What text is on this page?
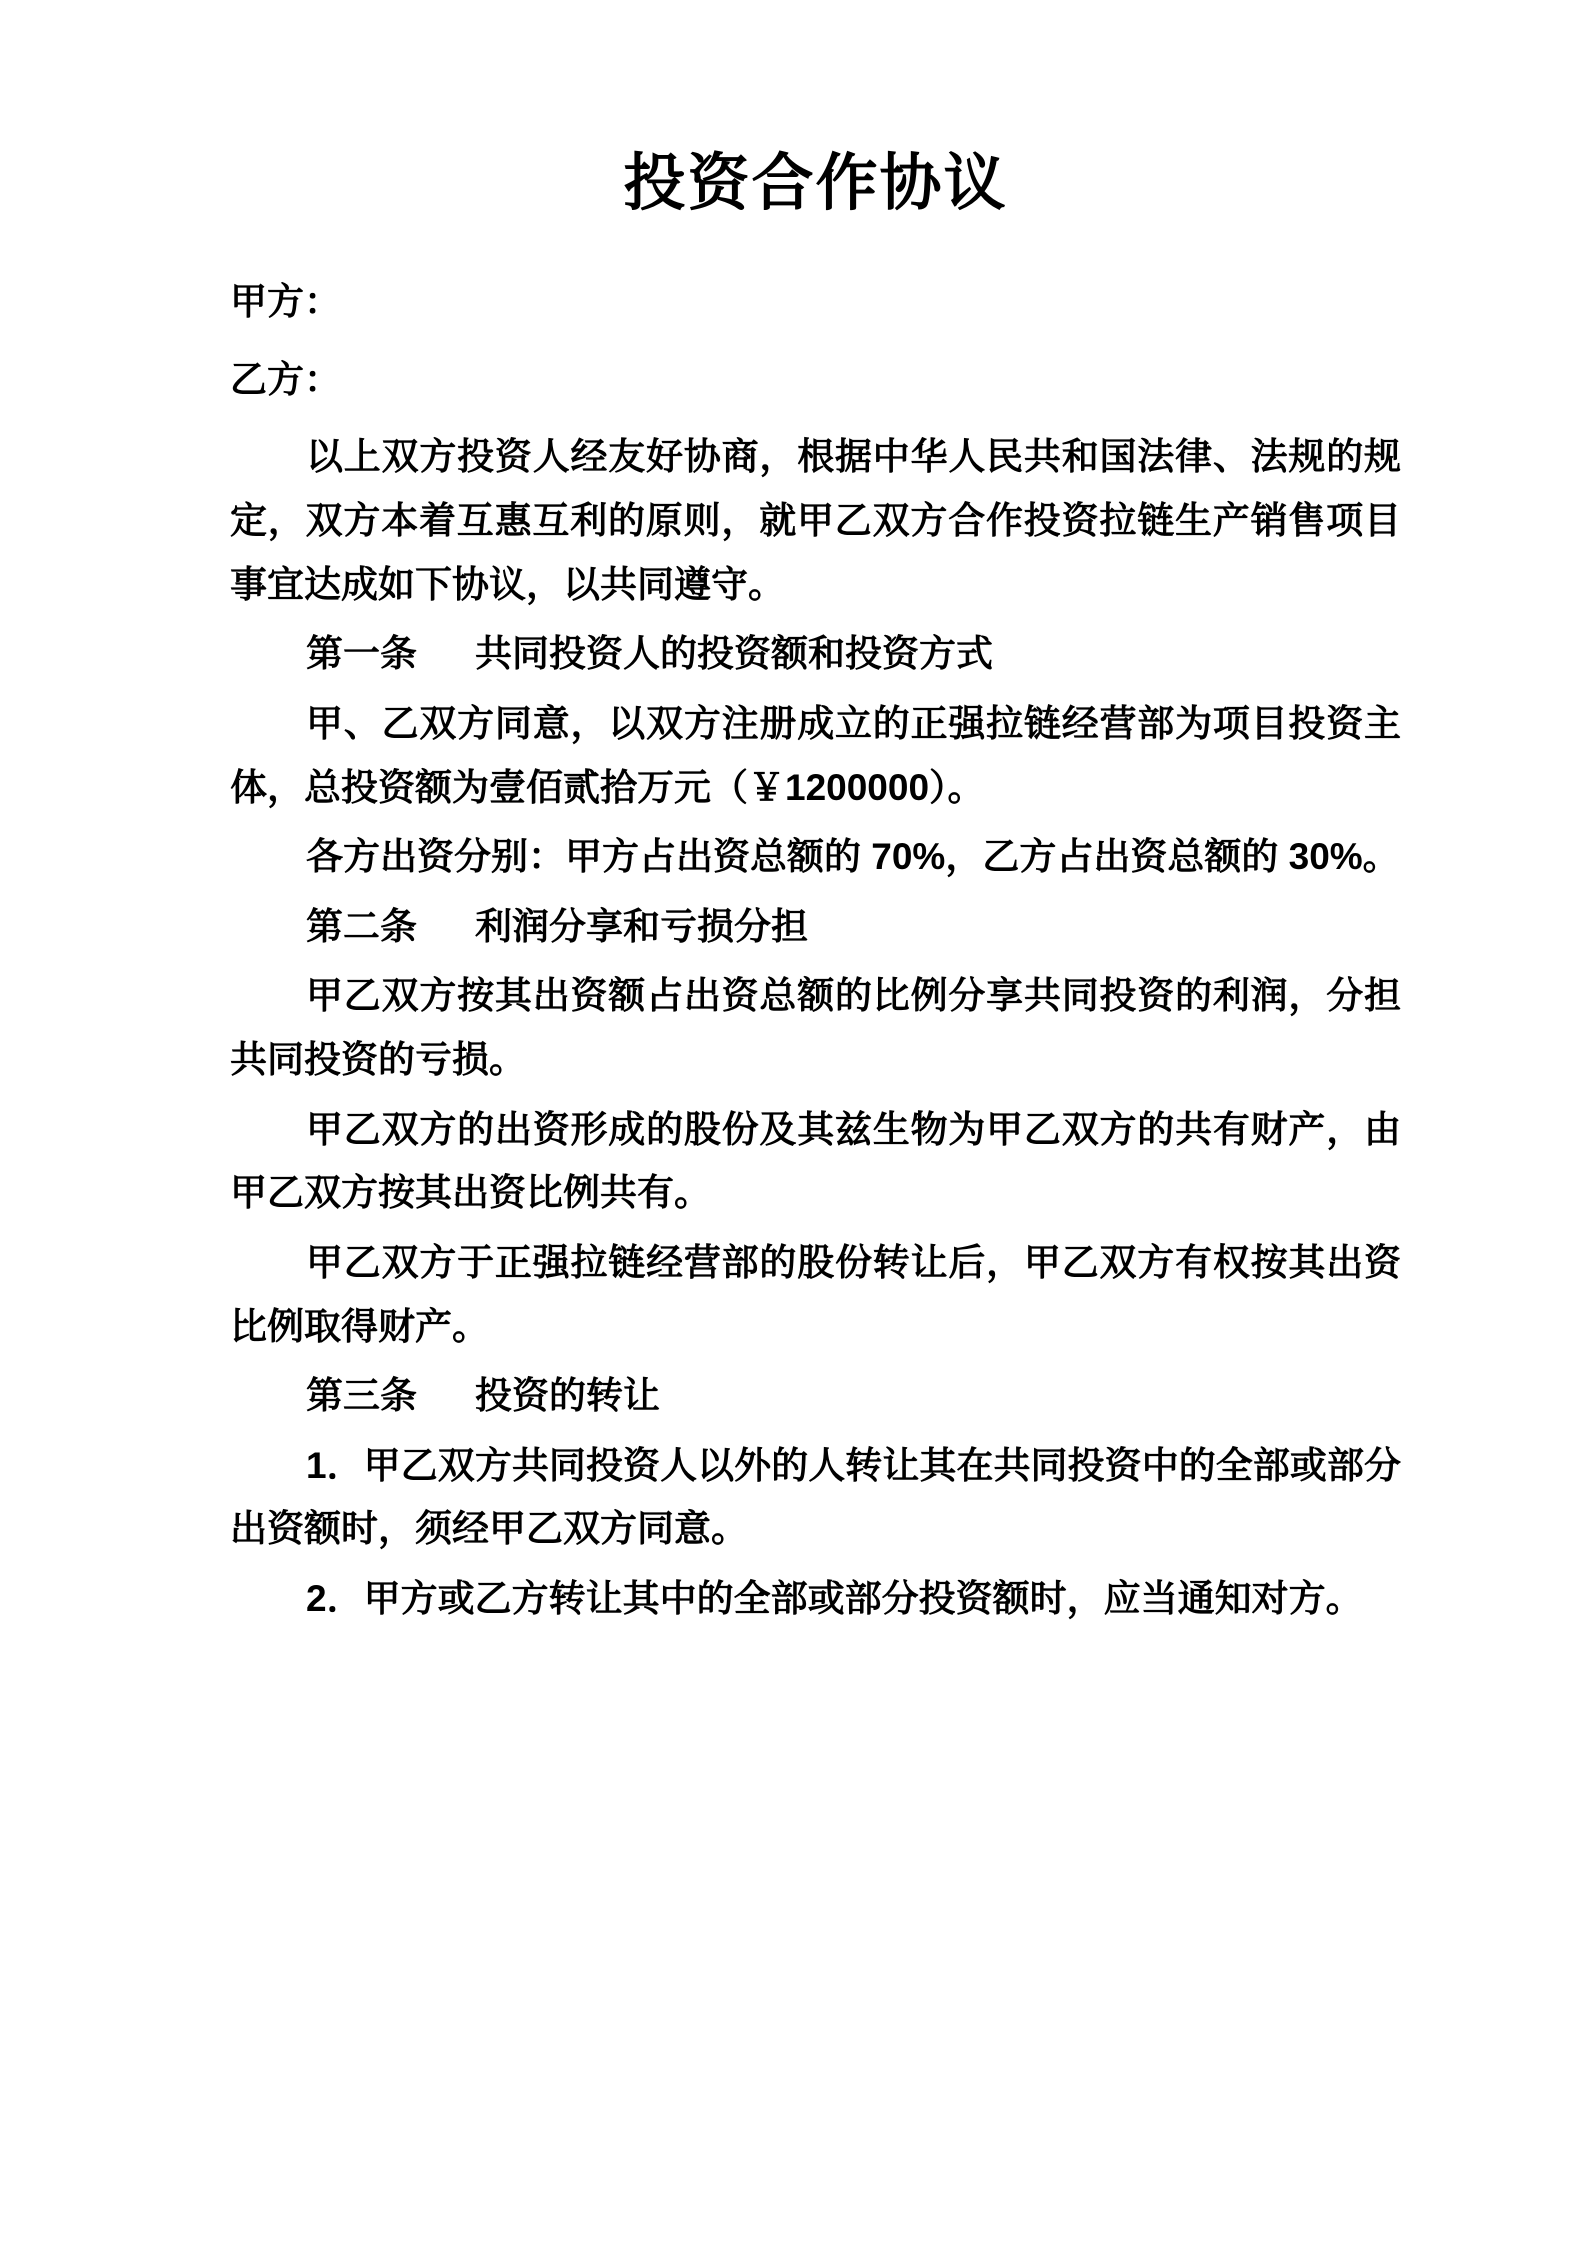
投资合作协议

甲方：

乙方：

以上双方投资人经友好协商，根据中华人民共和国法律、法规的规定，双方本着互惠互利的原则，就甲乙双方合作投资拉链生产销售项目事宜达成如下协议，以共同遵守。

第一条 共同投资人的投资额和投资方式

甲、乙双方同意，以双方注册成立的正强拉链经营部为项目投资主体，总投资额为壹佰贰拾万元（￥1200000）。

各方出资分别：甲方占出资总额的 70%，乙方占出资总额的 30%。

第二条 利润分享和亏损分担

甲乙双方按其出资额占出资总额的比例分享共同投资的利润，分担共同投资的亏损。

甲乙双方的出资形成的股份及其兹生物为甲乙双方的共有财产，由甲乙双方按其出资比例共有。

甲乙双方于正强拉链经营部的股份转让后，甲乙双方有权按其出资比例取得财产。

第三条 投资的转让

1．甲乙双方共同投资人以外的人转让其在共同投资中的全部或部分出资额时，须经甲乙双方同意。

2．甲方或乙方转让其中的全部或部分投资额时，应当通知对方。
